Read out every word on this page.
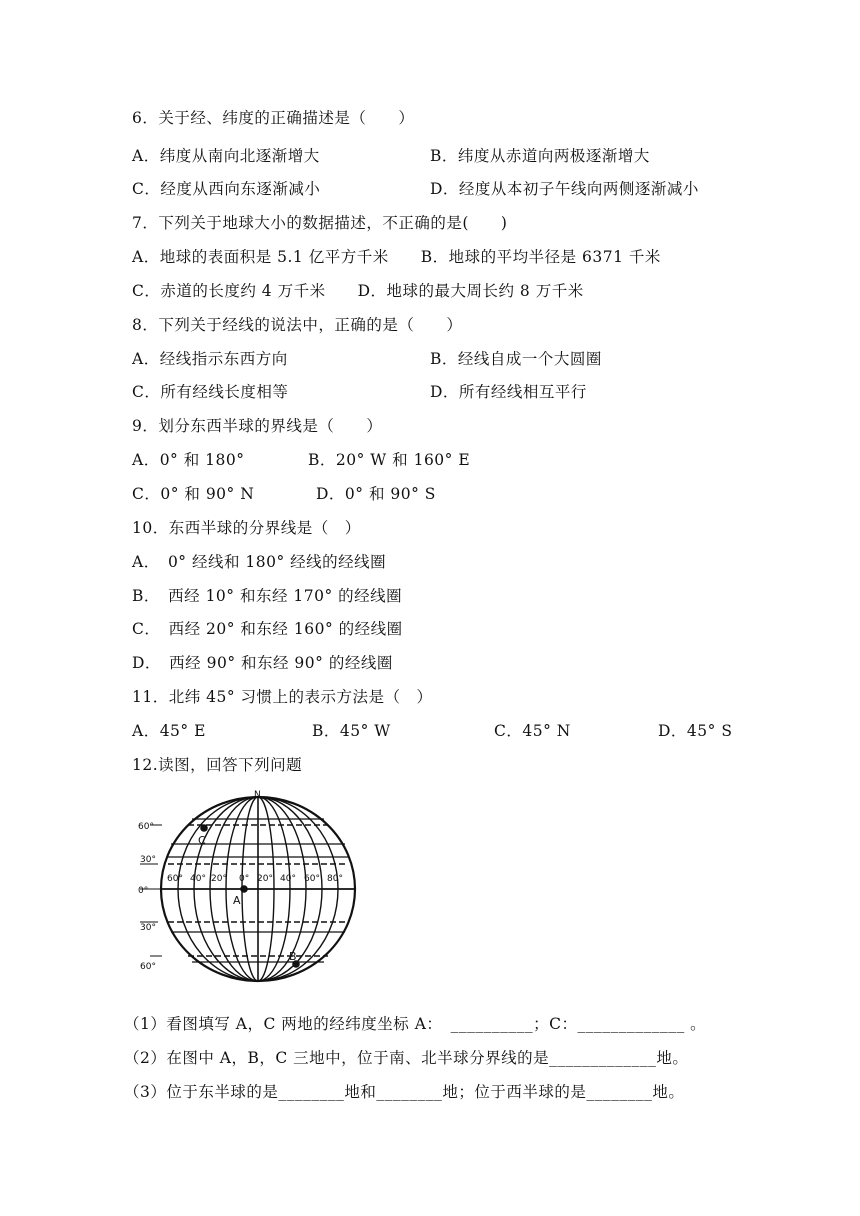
6．关于经、纬度的正确描述是（　　）
A．纬度从南向北逐渐增大	B．纬度从赤道向两极逐渐增大
C．经度从西向东逐渐减小	D．经度从本初子午线向两侧逐渐减小
7．下列关于地球大小的数据描述，不正确的是(　　)
A．地球的表面积是 5.1 亿平方千米　　B．地球的平均半径是 6371 千米
C．赤道的长度约 4 万千米　　D．地球的最大周长约 8 万千米
8．下列关于经线的说法中，正确的是（　　）
A．经线指示东西方向	B．经线自成一个大圆圈
C．所有经线长度相等	D．所有经线相互平行
9．划分东西半球的界线是（　　）
A．0° 和 180°	B．20° W 和 160° E
C．0° 和 90° N	D．0° 和 90° S
10．东西半球的分界线是（　）
A．　0° 经线和 180° 经线的经线圈
B．　西经 10° 和东经 170° 的经线圈
C．　西经 20° 和东经 160° 的经线圈
D．　西经 90° 和东经 90° 的经线圈
11．北纬 45° 习惯上的表示方法是（　）
A．45° E	B．45° W	C．45° N	D．45° S
12.读图，回答下列问题
N
60°
30°
0°
30°
60°
60° 40° 20° 0° 20° 40° 60° 80°
C
A
B
（1）看图填写 A，C 两地的经纬度坐标 A：　__________；C：_____________ 。
（2）在图中 A，B，C 三地中，位于南、北半球分界线的是_____________地。
（3）位于东半球的是________地和________地；位于西半球的是________地。
